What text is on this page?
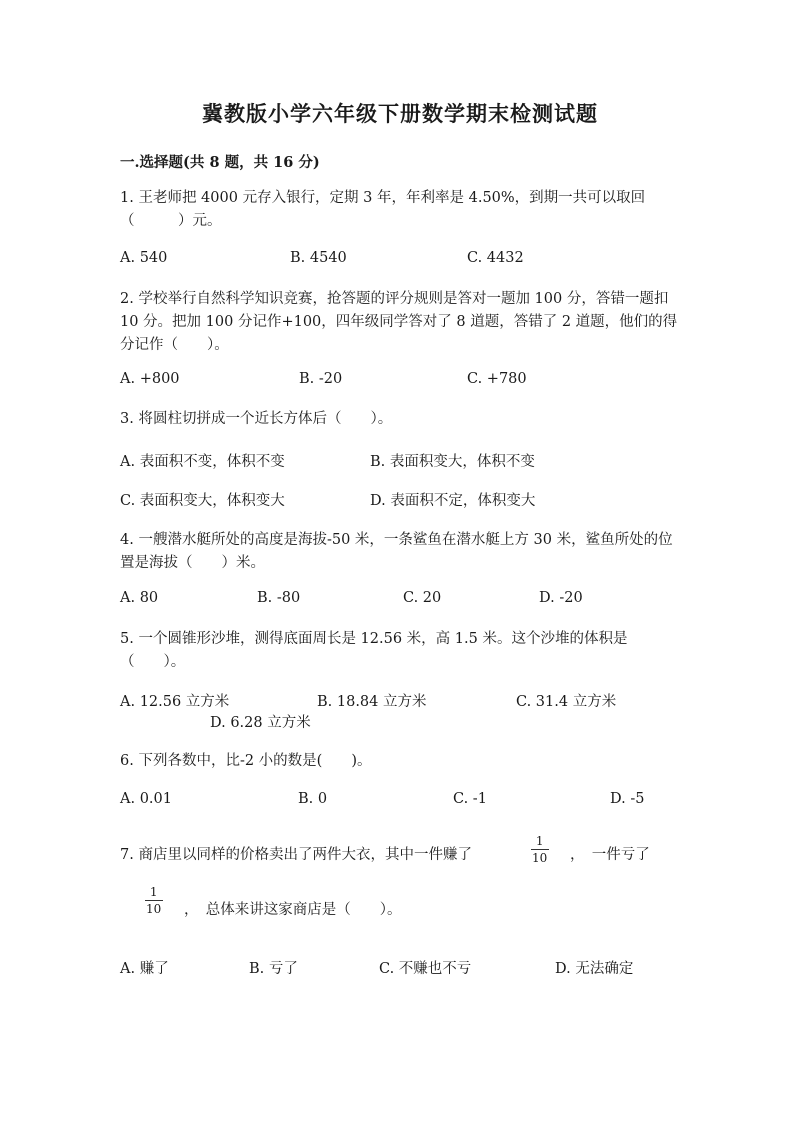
冀教版小学六年级下册数学期末检测试题
一.选择题(共 8 题，共 16 分)
1. 王老师把 4000 元存入银行，定期 3 年，年利率是 4.50%，到期一共可以取回（　　　）元。
A. 540	B. 4540	C. 4432
2. 学校举行自然科学知识竞赛，抢答题的评分规则是答对一题加 100 分，答错一题扣 10 分。把加 100 分记作+100，四年级同学答对了 8 道题，答错了 2 道题，他们的得分记作（　　）。
A. +800	B. -20	C. +780
3. 将圆柱切拼成一个近长方体后（　　）。
A. 表面积不变，体积不变	B. 表面积变大，体积不变
C. 表面积变大，体积变大	D. 表面积不定，体积变大
4. 一艘潜水艇所处的高度是海拔-50 米，一条鲨鱼在潜水艇上方 30 米，鲨鱼所处的位置是海拔（　　）米。
A. 80	B. -80	C. 20	D. -20
5. 一个圆锥形沙堆，测得底面周长是 12.56 米，高 1.5 米。这个沙堆的体积是（　　）。
A. 12.56 立方米	B. 18.84 立方米	C. 31.4 立方米
D. 6.28 立方米
6. 下列各数中，比-2 小的数是(　　)。
A. 0.01	B. 0	C. -1	D. -5
7. 商店里以同样的价格卖出了两件大衣，其中一件赚了
1
10 ，　一件亏了
1
10 ，　总体来讲这家商店是（　　）。
A. 赚了	B. 亏了	C. 不赚也不亏	D. 无法确定
